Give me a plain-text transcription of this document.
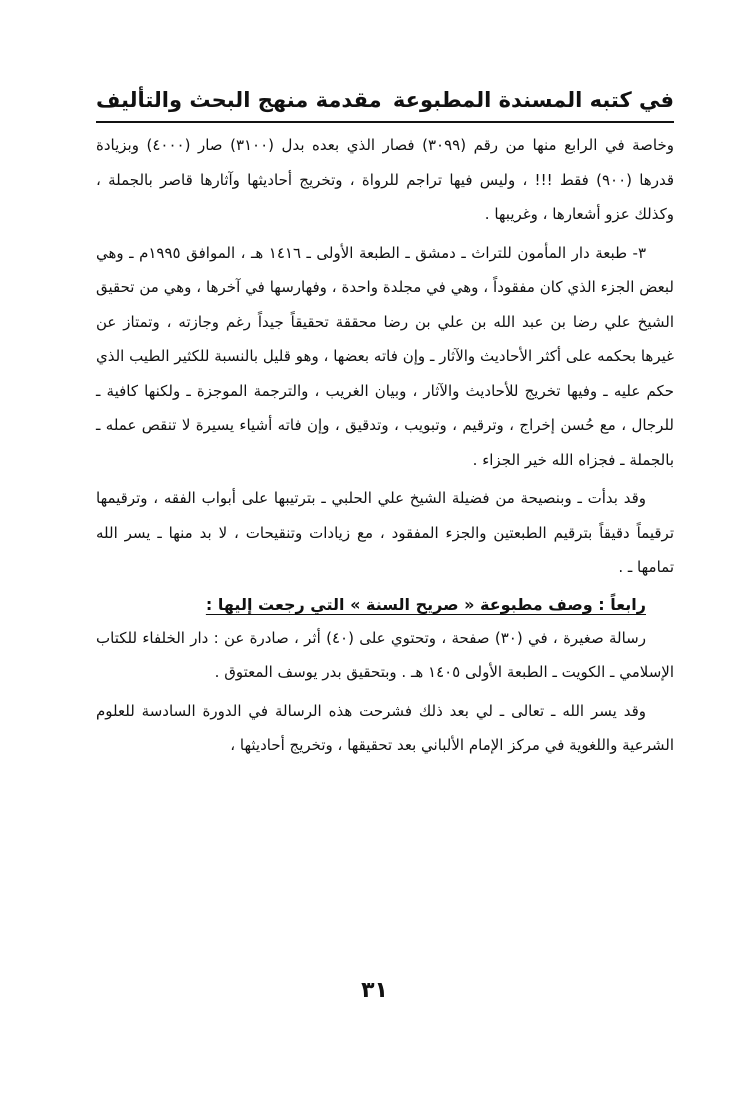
في كتبه المسندة المطبوعة
مقدمة منهج البحث والتأليف

وخاصة في الرابع منها من رقم (٣٠٩٩) فصار الذي بعده بدل (٣١٠٠) صار (٤٠٠٠) وبزيادة قدرها (٩٠٠) فقط !!! ، وليس فيها تراجم للرواة ، وتخريج أحاديثها وآثارها قاصر بالجملة ، وكذلك عزو أشعارها ، وغريبها .

٣- طبعة دار المأمون للتراث ـ دمشق ـ الطبعة الأولى ـ ١٤١٦ هـ ، الموافق ١٩٩٥م ـ وهي لبعض الجزء الذي كان مفقوداً ، وهي في مجلدة واحدة ، وفهارسها في آخرها ، وهي من تحقيق الشيخ علي رضا بن عبد الله بن علي بن رضا محققة تحقيقاً جيداً رغم وجازته ، وتمتاز عن غيرها بحكمه على أكثر الأحاديث والآثار ـ وإن فاته بعضها ، وهو قليل بالنسبة للكثير الطيب الذي حكم عليه ـ وفيها تخريج للأحاديث والآثار ، وبيان الغريب ، والترجمة الموجزة ـ ولكنها كافية ـ للرجال ، مع حُسن إخراج ، وترقيم ، وتبويب ، وتدقيق ، وإن فاته أشياء يسيرة لا تنقص عمله ـ بالجملة ـ فجزاه الله خير الجزاء .

وقد بدأت ـ وبنصيحة من فضيلة الشيخ علي الحلبي ـ بترتيبها على أبواب الفقه ، وترقيمها ترقيماً دقيقاً بترقيم الطبعتين والجزء المفقود ، مع زيادات وتنقيحات ، لا بد منها ـ يسر الله تمامها ـ .

رابعاً : وصف مطبوعة « صريح السنة » التي رجعت إليها :

رسالة صغيرة ، في (٣٠) صفحة ، وتحتوي على (٤٠) أثر ، صادرة عن : دار الخلفاء للكتاب الإسلامي ـ الكويت ـ الطبعة الأولى ١٤٠٥ هـ . وبتحقيق بدر يوسف المعتوق .

وقد يسر الله ـ تعالى ـ لي بعد ذلك فشرحت هذه الرسالة في الدورة السادسة للعلوم الشرعية واللغوية في مركز الإمام الألباني بعد تحقيقها ، وتخريج أحاديثها ،

٣١
